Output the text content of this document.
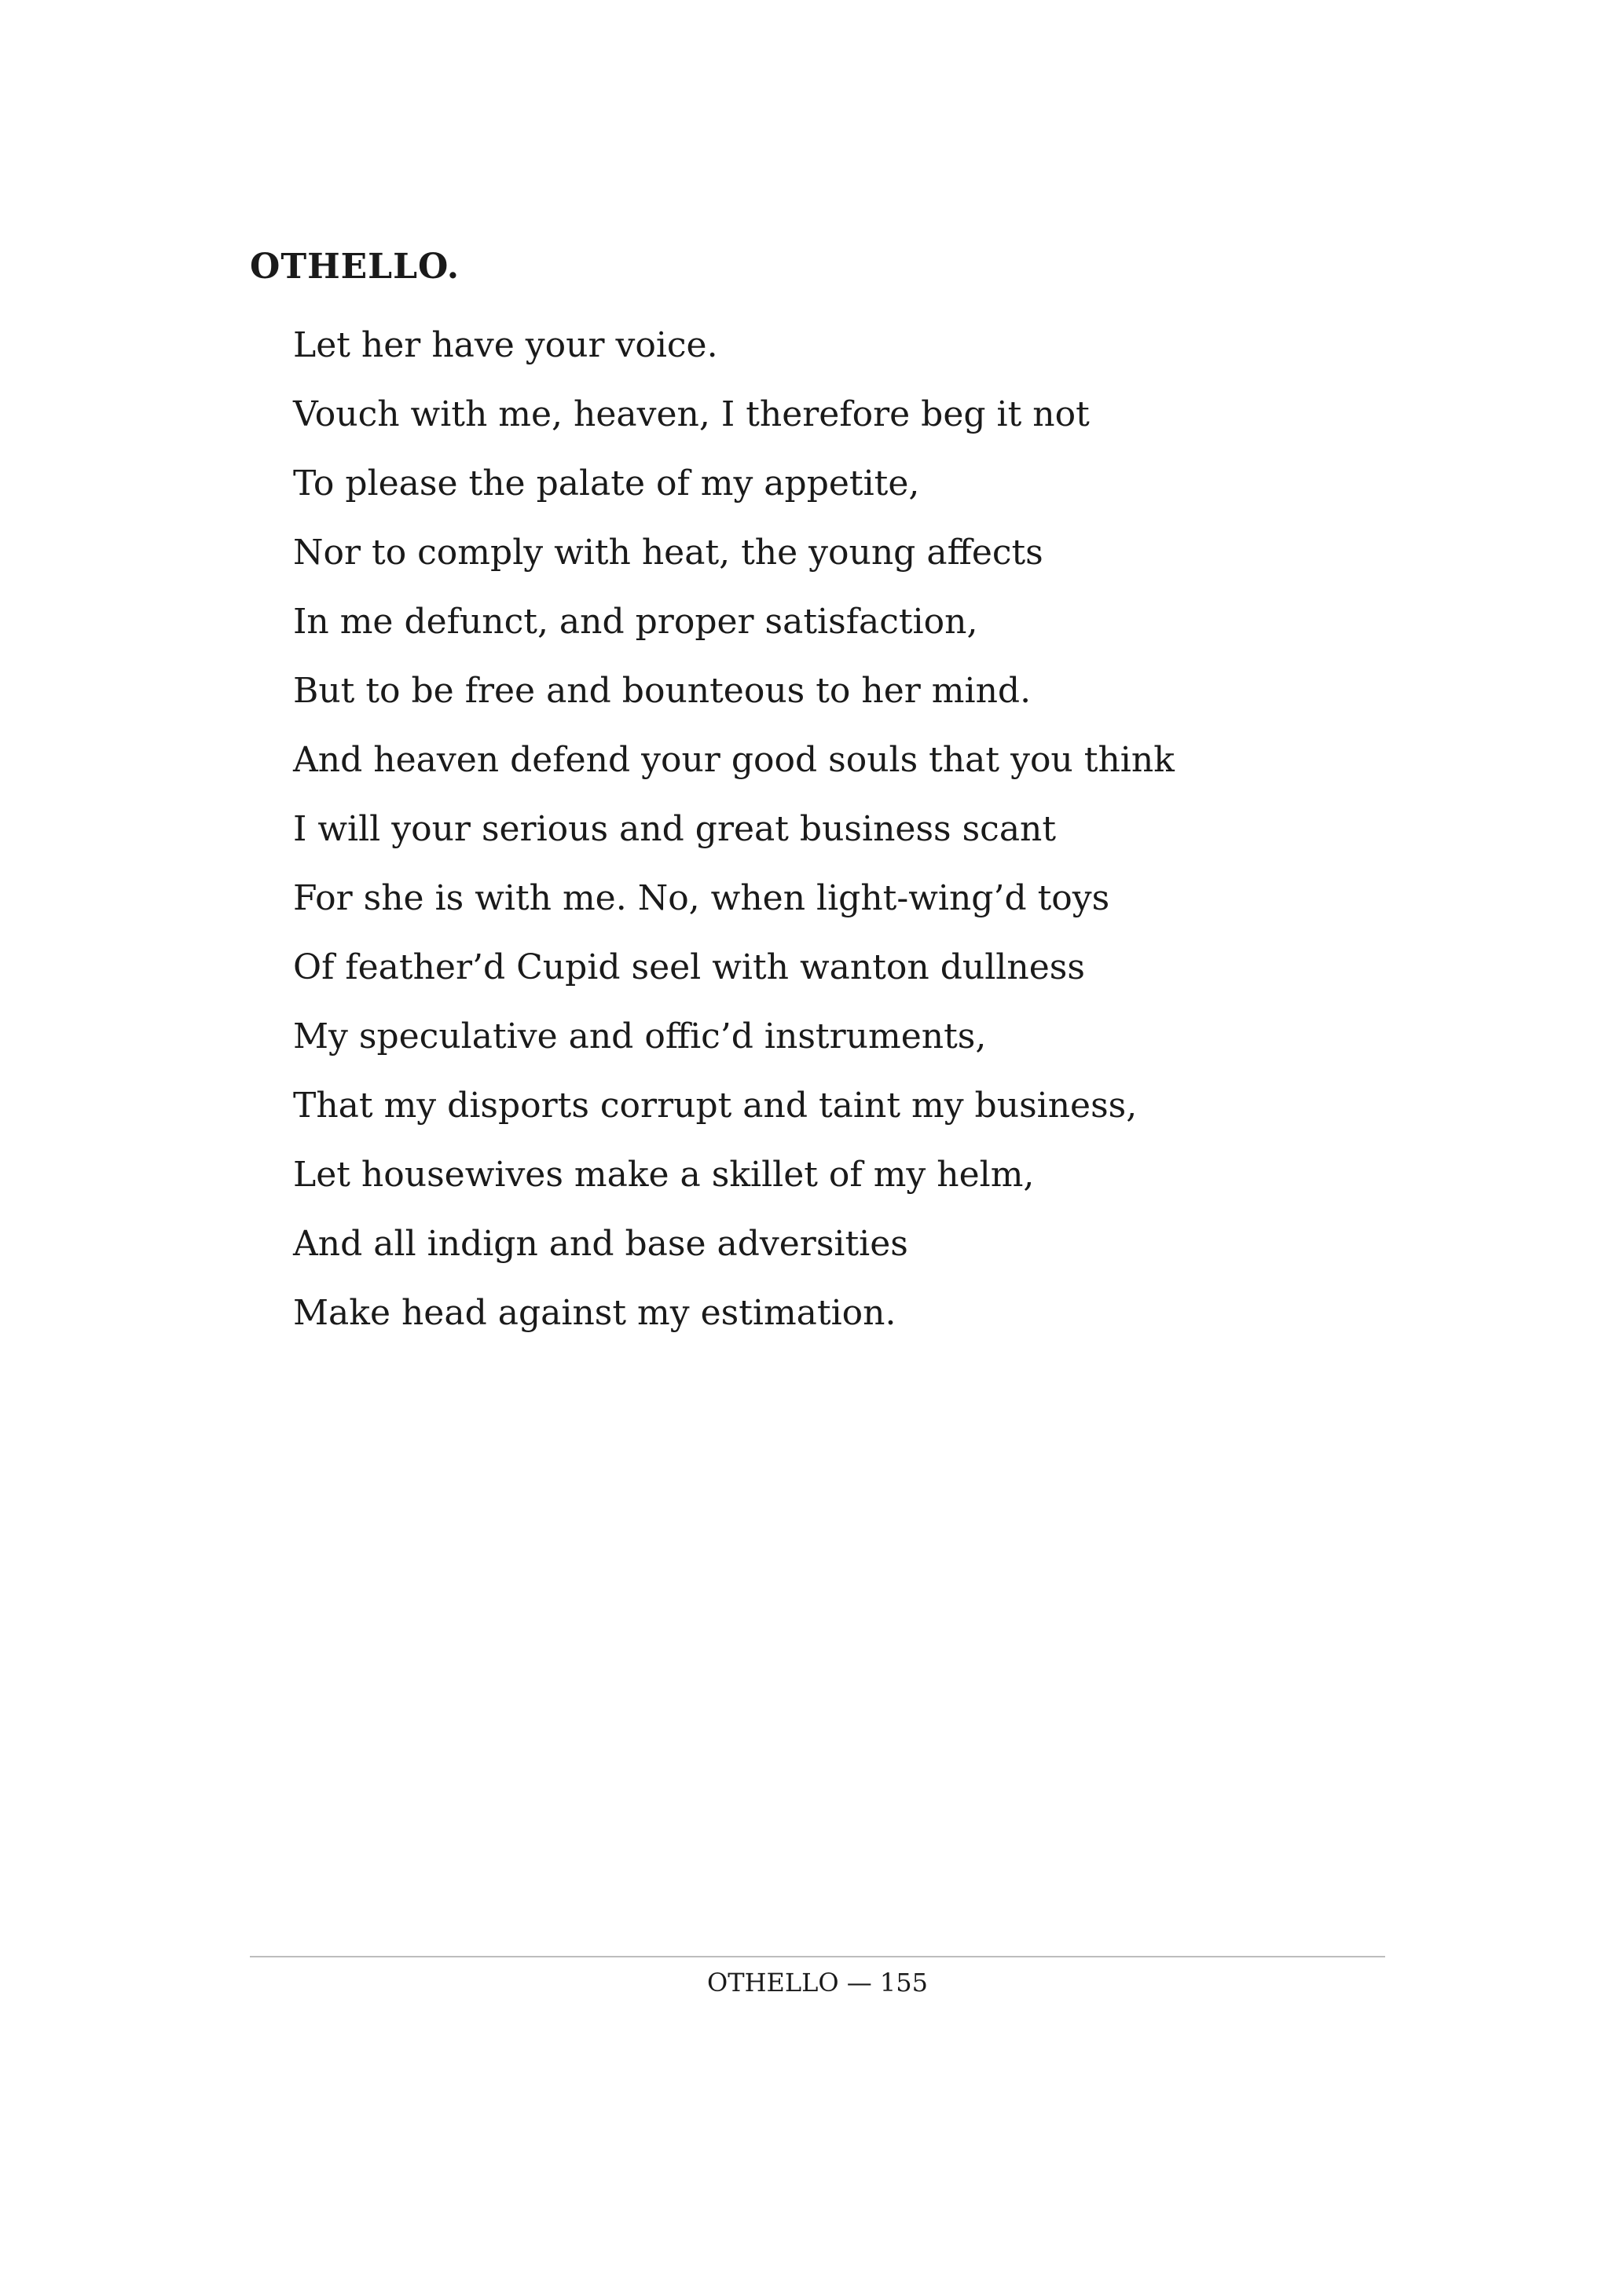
OTHELLO.
Let her have your voice.
Vouch with me, heaven, I therefore beg it not
To please the palate of my appetite,
Nor to comply with heat, the young affects
In me defunct, and proper satisfaction,
But to be free and bounteous to her mind.
And heaven defend your good souls that you think
I will your serious and great business scant
For she is with me. No, when light-wing’d toys
Of feather’d Cupid seel with wanton dullness
My speculative and offic’d instruments,
That my disports corrupt and taint my business,
Let housewives make a skillet of my helm,
And all indign and base adversities
Make head against my estimation.
OTHELLO — 155
